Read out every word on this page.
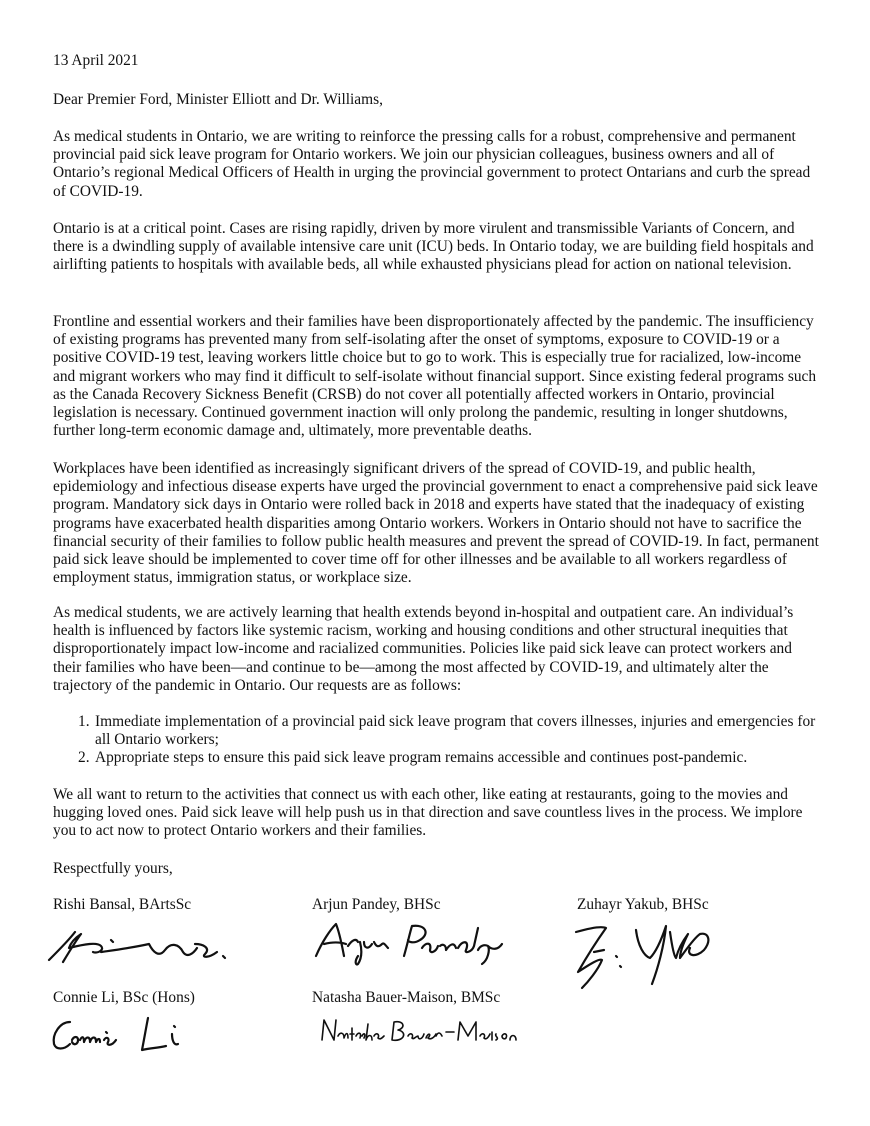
13 April 2021
Dear Premier Ford, Minister Elliott and Dr. Williams,

As medical students in Ontario, we are writing to reinforce the pressing calls for a robust, comprehensive and permanent provincial paid sick leave program for Ontario workers. We join our physician colleagues, business owners and all of Ontario’s regional Medical Officers of Health in urging the provincial government to protect Ontarians and curb the spread of COVID-19.

Ontario is at a critical point. Cases are rising rapidly, driven by more virulent and transmissible Variants of Concern, and there is a dwindling supply of available intensive care unit (ICU) beds. In Ontario today, we are building field hospitals and airlifting patients to hospitals with available beds, all while exhausted physicians plead for action on national television.

Frontline and essential workers and their families have been disproportionately affected by the pandemic. The insufficiency of existing programs has prevented many from self-isolating after the onset of symptoms, exposure to COVID-19 or a positive COVID-19 test, leaving workers little choice but to go to work. This is especially true for racialized, low-income and migrant workers who may find it difficult to self-isolate without financial support. Since existing federal programs such as the Canada Recovery Sickness Benefit (CRSB) do not cover all potentially affected workers in Ontario, provincial legislation is necessary. Continued government inaction will only prolong the pandemic, resulting in longer shutdowns, further long-term economic damage and, ultimately, more preventable deaths.

Workplaces have been identified as increasingly significant drivers of the spread of COVID-19, and public health, epidemiology and infectious disease experts have urged the provincial government to enact a comprehensive paid sick leave program. Mandatory sick days in Ontario were rolled back in 2018 and experts have stated that the inadequacy of existing programs have exacerbated health disparities among Ontario workers. Workers in Ontario should not have to sacrifice the financial security of their families to follow public health measures and prevent the spread of COVID-19. In fact, permanent paid sick leave should be implemented to cover time off for other illnesses and be available to all workers regardless of employment status, immigration status, or workplace size.

As medical students, we are actively learning that health extends beyond in-hospital and outpatient care. An individual’s health is influenced by factors like systemic racism, working and housing conditions and other structural inequities that disproportionately impact low-income and racialized communities. Policies like paid sick leave can protect workers and their families who have been—and continue to be—among the most affected by COVID-19, and ultimately alter the trajectory of the pandemic in Ontario. Our requests are as follows:

1. Immediate implementation of a provincial paid sick leave program that covers illnesses, injuries and emergencies for all Ontario workers;
2. Appropriate steps to ensure this paid sick leave program remains accessible and continues post-pandemic.

We all want to return to the activities that connect us with each other, like eating at restaurants, going to the movies and hugging loved ones. Paid sick leave will help push us in that direction and save countless lives in the process. We implore you to act now to protect Ontario workers and their families.

Respectfully yours,
Rishi Bansal, BArtsSc	Arjun Pandey, BHSc	Zuhayr Yakub, BHSc
Connie Li, BSc (Hons)	Natasha Bauer-Maison, BMSc
